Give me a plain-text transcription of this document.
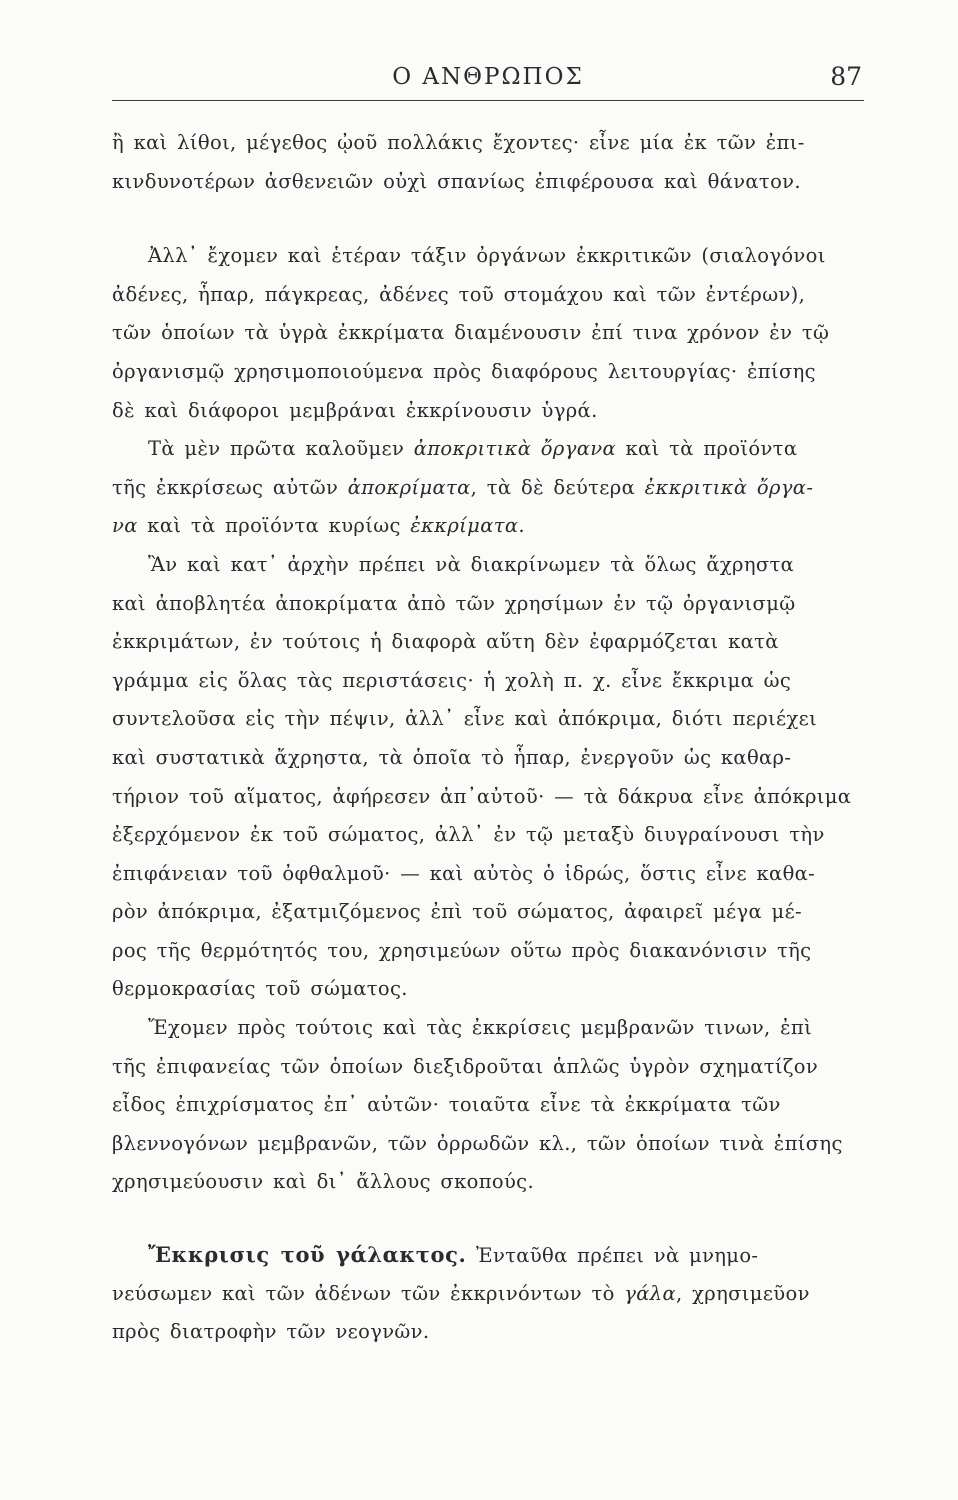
Ο ΑΝΘΡΩΠΟΣ	87
ἢ καὶ λίθοι, μέγεθος ᾠοῦ πολλάκις ἔχοντες· εἶνε μία ἐκ τῶν ἐπι-
κινδυνοτέρων ἀσθενειῶν οὐχὶ σπανίως ἐπιφέρουσα καὶ θάνατον.
Ἀλλ᾽ ἔχομεν καὶ ἑτέραν τάξιν ὀργάνων ἐκκριτικῶν (σιαλογόνοι
ἀδένες, ἧπαρ, πάγκρεας, ἀδένες τοῦ στομάχου καὶ τῶν ἐντέρων),
τῶν ὁποίων τὰ ὑγρὰ ἐκκρίματα διαμένουσιν ἐπί τινα χρόνον ἐν τῷ
ὀργανισμῷ χρησιμοποιούμενα πρὸς διαφόρους λειτουργίας· ἐπίσης
δὲ καὶ διάφοροι μεμβράναι ἐκκρίνουσιν ὑγρά.
Τὰ μὲν πρῶτα καλοῦμεν ἀποκριτικὰ ὄργανα καὶ τὰ προϊόντα
τῆς ἐκκρίσεως αὐτῶν ἀποκρίματα, τὰ δὲ δεύτερα ἐκκριτικὰ ὄργα-
να καὶ τὰ προϊόντα κυρίως ἐκκρίματα.
Ἂν καὶ κατ᾽ ἀρχὴν πρέπει νὰ διακρίνωμεν τὰ ὅλως ἄχρηστα
καὶ ἀποβλητέα ἀποκρίματα ἀπὸ τῶν χρησίμων ἐν τῷ ὀργανισμῷ
ἐκκριμάτων, ἐν τούτοις ἡ διαφορὰ αὕτη δὲν ἐφαρμόζεται κατὰ
γράμμα εἰς ὅλας τὰς περιστάσεις· ἡ χολὴ π. χ. εἶνε ἔκκριμα ὡς
συντελοῦσα εἰς τὴν πέψιν, ἀλλ᾽ εἶνε καὶ ἀπόκριμα, διότι περιέχει
καὶ συστατικὰ ἄχρηστα, τὰ ὁποῖα τὸ ἧπαρ, ἐνεργοῦν ὡς καθαρ-
τήριον τοῦ αἵματος, ἀφήρεσεν ἀπ᾽αὐτοῦ· — τὰ δάκρυα εἶνε ἀπόκριμα
ἐξερχόμενον ἐκ τοῦ σώματος, ἀλλ᾽ ἐν τῷ μεταξὺ διυγραίνουσι τὴν
ἐπιφάνειαν τοῦ ὀφθαλμοῦ· — καὶ αὐτὸς ὁ ἱδρώς, ὅστις εἶνε καθα-
ρὸν ἀπόκριμα, ἐξατμιζόμενος ἐπὶ τοῦ σώματος, ἀφαιρεῖ μέγα μέ-
ρος τῆς θερμότητός του, χρησιμεύων οὕτω πρὸς διακανόνισιν τῆς
θερμοκρασίας τοῦ σώματος.
Ἔχομεν πρὸς τούτοις καὶ τὰς ἐκκρίσεις μεμβρανῶν τινων, ἐπὶ
τῆς ἐπιφανείας τῶν ὁποίων διεξιδροῦται ἁπλῶς ὑγρὸν σχηματίζον
εἶδος ἐπιχρίσματος ἐπ᾽ αὐτῶν· τοιαῦτα εἶνε τὰ ἐκκρίματα τῶν
βλεννογόνων μεμβρανῶν, τῶν ὀρρωδῶν κλ., τῶν ὁποίων τινὰ ἐπίσης
χρησιμεύουσιν καὶ δι᾽ ἄλλους σκοπούς.
Ἔκκρισις τοῦ γάλακτος. Ἐνταῦθα πρέπει νὰ μνημο-
νεύσωμεν καὶ τῶν ἀδένων τῶν ἐκκρινόντων τὸ γάλα, χρησιμεῦον
πρὸς διατροφὴν τῶν νεογνῶν.
